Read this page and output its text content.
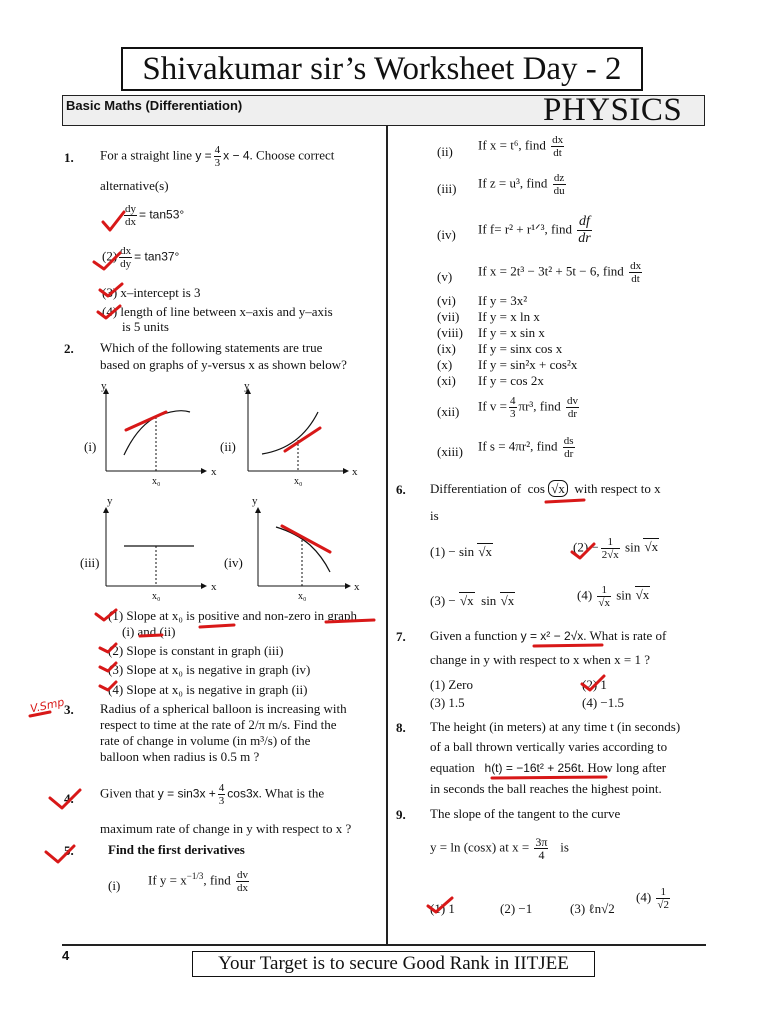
Shivakumar sir’s Worksheet Day - 2
Basic Maths (Differentiation)	PHYSICS
1. For a straight line $y = \frac{4}{3}$ x − 4. Choose correct
alternative(s)
$\frac{dy}{dx} = \tan 53^\circ$
$(2) \frac{dx}{dy} = \tan 37^\circ$
(3) x–intercept is 3
(4) length of line between x–axis and y–axis
is 5 units
2. Which of the following statements are true
based on graphs of y-versus x as shown below?
y
x
x₀
(i)
y
x
x₀
(ii)
y
x
x₀
(iii)
y
x
x₀
(iv)
(1) Slope at x₀ is positive and non-zero in graph
(i) and (ii)
(2) Slope is constant in graph (iii)
(3) Slope at x₀ is negative in graph (iv)
(4) Slope at x₀ is negative in graph (ii)
3. Radius of a spherical balloon is increasing with
respect to time at the rate of 2/π m/s. Find the
rate of change in volume (in m³/s) of the
balloon when radius is 0.5 m ?
4. Given that $y = \sin 3x + \frac{4}{3} \cos 3x$. What is the
maximum rate of change in y with respect to x ?
5.	Find the first derivatives
(i) If $y = x^{-1/3}$, find $\frac{dv}{dx}$
(ii) If x = t⁶, find $\frac{dx}{dt}$
(iii) If z = u³, find $\frac{dz}{du}$
(iv) If f= r² + r¹ᐟ³, find $\frac{df}{dr}$
(v) If x = 2t³ − 3t² + 5t − 6, find $\frac{dx}{dt}$
(vi) If y = 3x²
(vii) If y = x ln x
(viii) If y = x sin x
(ix) If y = sinx cos x
(x) If y = sin²x + cos²x
(xi) If y = cos 2x
(xii) If $v = \frac{4}{3} \pi r^3$, find $\frac{dv}{dr}$
(xiii) If s = 4πr², find $\frac{ds}{dr}$
6. Differentiation of cos √x with respect to x
is
(1) − sin √x	$(2) - \frac{1}{2√x}$ sin √x
(3) − √x sin √x	$(4) \frac{1}{√x}$ sin √x
7. Given a function y = x² − 2√x. What is rate of
change in y with respect to x when x = 1 ?
(1) Zero	(2) 1
(3) 1.5	(4) −1.5
8. The height (in meters) at any time t (in seconds)
of a ball thrown vertically varies according to
equation h(t) = −16t² + 256t. How long after
in seconds the ball reaches the highest point.
9. The slope of the tangent to the curve
y = ln (cosx) at $x = \frac{3\pi}{4}$ is
(1) 1	(2) −1	(3) ℓn√2
$(4) \frac{1}{√2}$
V.Smp
4	Your Target is to secure Good Rank in IITJEE
